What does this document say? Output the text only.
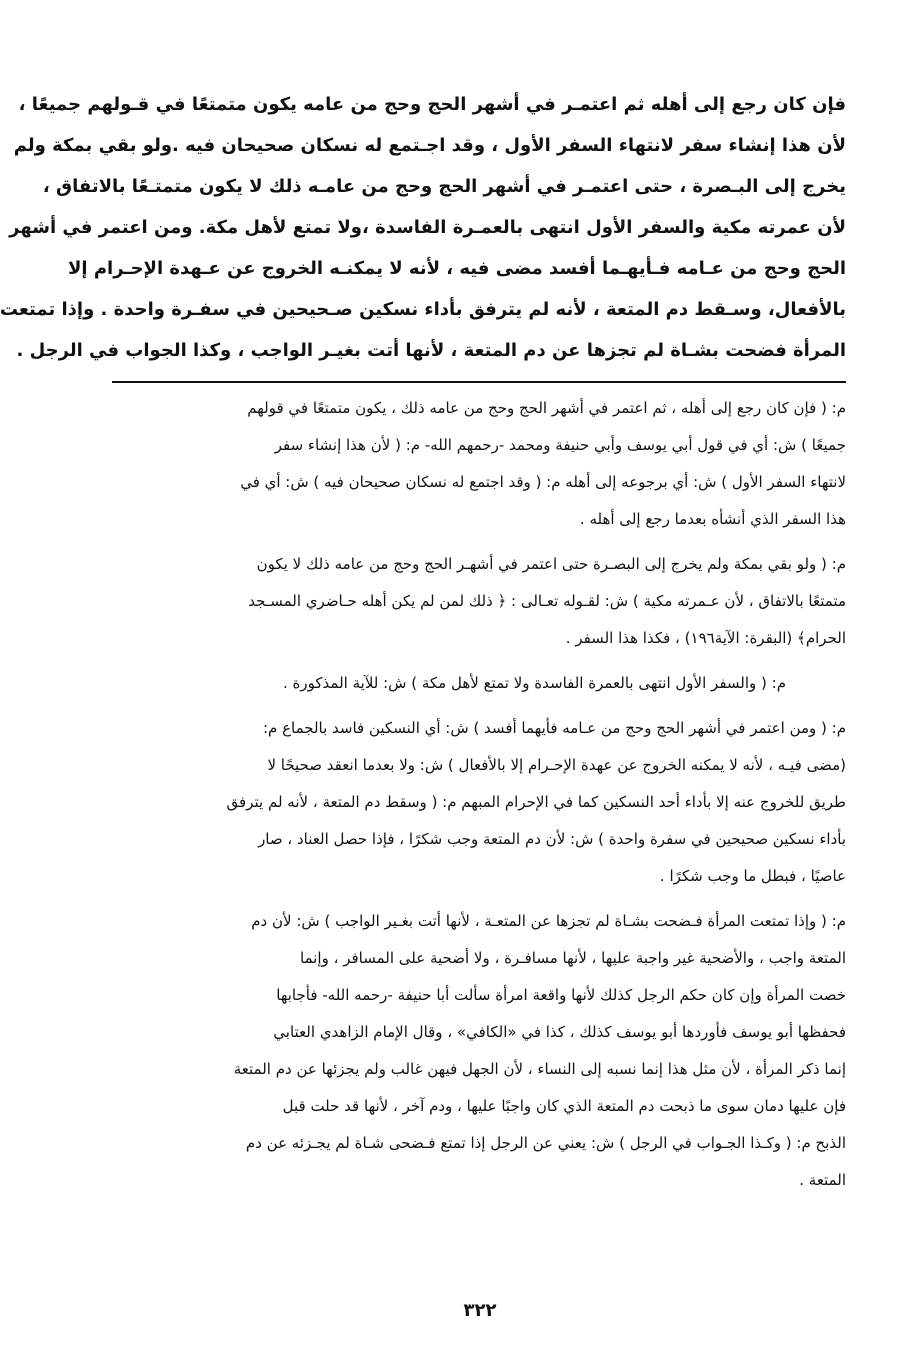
فإن كان رجع إلى أهله ثم اعتمـر في أشهر الحج وحج من عامه يكون متمتعًا في قـولهم جميعًا ،
لأن هذا إنشاء سفر لانتهاء السفر الأول ، وقد اجـتمع له نسكان صحيحان فيه .ولو بقي بمكة ولم
يخرج إلى البـصرة ، حتى اعتمـر في أشهر الحج وحج من عامـه ذلك لا يكون متمتـعًا بالاتفاق ،
لأن عمرته مكية والسفر الأول انتهى بالعمـرة الفاسدة ،ولا تمتع لأهل مكة. ومن اعتمر في أشهر
الحج وحج من عـامه فـأيهـما أفسد مضى فيه ، لأنه لا يمكنـه الخروج عن عـهدة الإحـرام إلا
بالأفعال، وسـقط دم المتعة ، لأنه لم يترفق بأداء نسكين صـحيحين في سفـرة واحدة . وإذا تمتعت
المرأة فضحت بشـاة لم تجزها عن دم المتعة ، لأنها أتت بغيـر الواجب ، وكذا الجواب في الرجل .
م: ( فإن كان رجع إلى أهله ، ثم اعتمر في أشهر الحج وحج من عامه ذلك ، يكون متمتعًا في قولهم
جميعًا ) ش: أي في قول أبي يوسف وأبي حنيفة ومحمد -رحمهم الله- م: ( لأن هذا إنشاء سفر
لانتهاء السفر الأول ) ش: أي برجوعه إلى أهله م: ( وقد اجتمع له نسكان صحيحان فيه ) ش: أي في
هذا السفر الذي أنشأه بعدما رجع إلى أهله .
م: ( ولو بقي بمكة ولم يخرج إلى البصـرة حتى اعتمر في أشهـر الحج وحج من عامه ذلك لا يكون
متمتعًا بالاتفاق ، لأن عـمرته مكية ) ش: لقـوله تعـالى : ﴿ ذلك لمن لم يكن أهله حـاضري المسـجد
الحرام﴾ (البقرة: الآية١٩٦) ، فكذا هذا السفر .
م: ( والسفر الأول انتهى بالعمرة الفاسدة ولا تمتع لأهل مكة ) ش: للآية المذكورة .
م: ( ومن اعتمر في أشهر الحج وحج من عـامه فأيهما أفسد ) ش: أي النسكين فاسد بالجماع م:
(مضى فيـه ، لأنه لا يمكنه الخروج عن عهدة الإحـرام إلا بالأفعال ) ش: ولا بعدما انعقد صحيحًا لا
طريق للخروج عنه إلا بأداء أحد النسكين كما في الإحرام المبهم م: ( وسقط دم المتعة ، لأنه لم يترفق
بأداء نسكين صحيحين في سفرة واحدة ) ش: لأن دم المتعة وجب شكرًا ، فإذا حصل العناد ، صار
عاصيًا ، فبطل ما وجب شكرًا .
م: ( وإذا تمتعت المرأة فـضحت بشـاة لم تجزها عن المتعـة ، لأنها أتت بغـير الواجب ) ش: لأن دم
المتعة واجب ، والأضحية غير واجبة عليها ، لأنها مسافـرة ، ولا أضحية على المسافر ، وإنما
خصت المرأة وإن كان حكم الرجل كذلك لأنها واقعة امرأة سألت أبا حنيفة -رحمه الله- فأجابها
فحفظها أبو يوسف فأوردها أبو يوسف كذلك ، كذا في «الكافي» ، وقال الإمام الزاهدي العتابي
إنما ذكر المرأة ، لأن مثل هذا إنما نسبه إلى النساء ، لأن الجهل فيهن غالب ولم يجزئها عن دم المتعة
فإن عليها دمان سوى ما ذبحت دم المتعة الذي كان واجبًا عليها ، ودم آخر ، لأنها قد حلت قبل
الذبح م: ( وكـذا الجـواب في الرجل ) ش: يعني عن الرجل إذا تمتع فـضحى شـاة لم يجـزئه عن دم
المتعة .
٣٢٢
